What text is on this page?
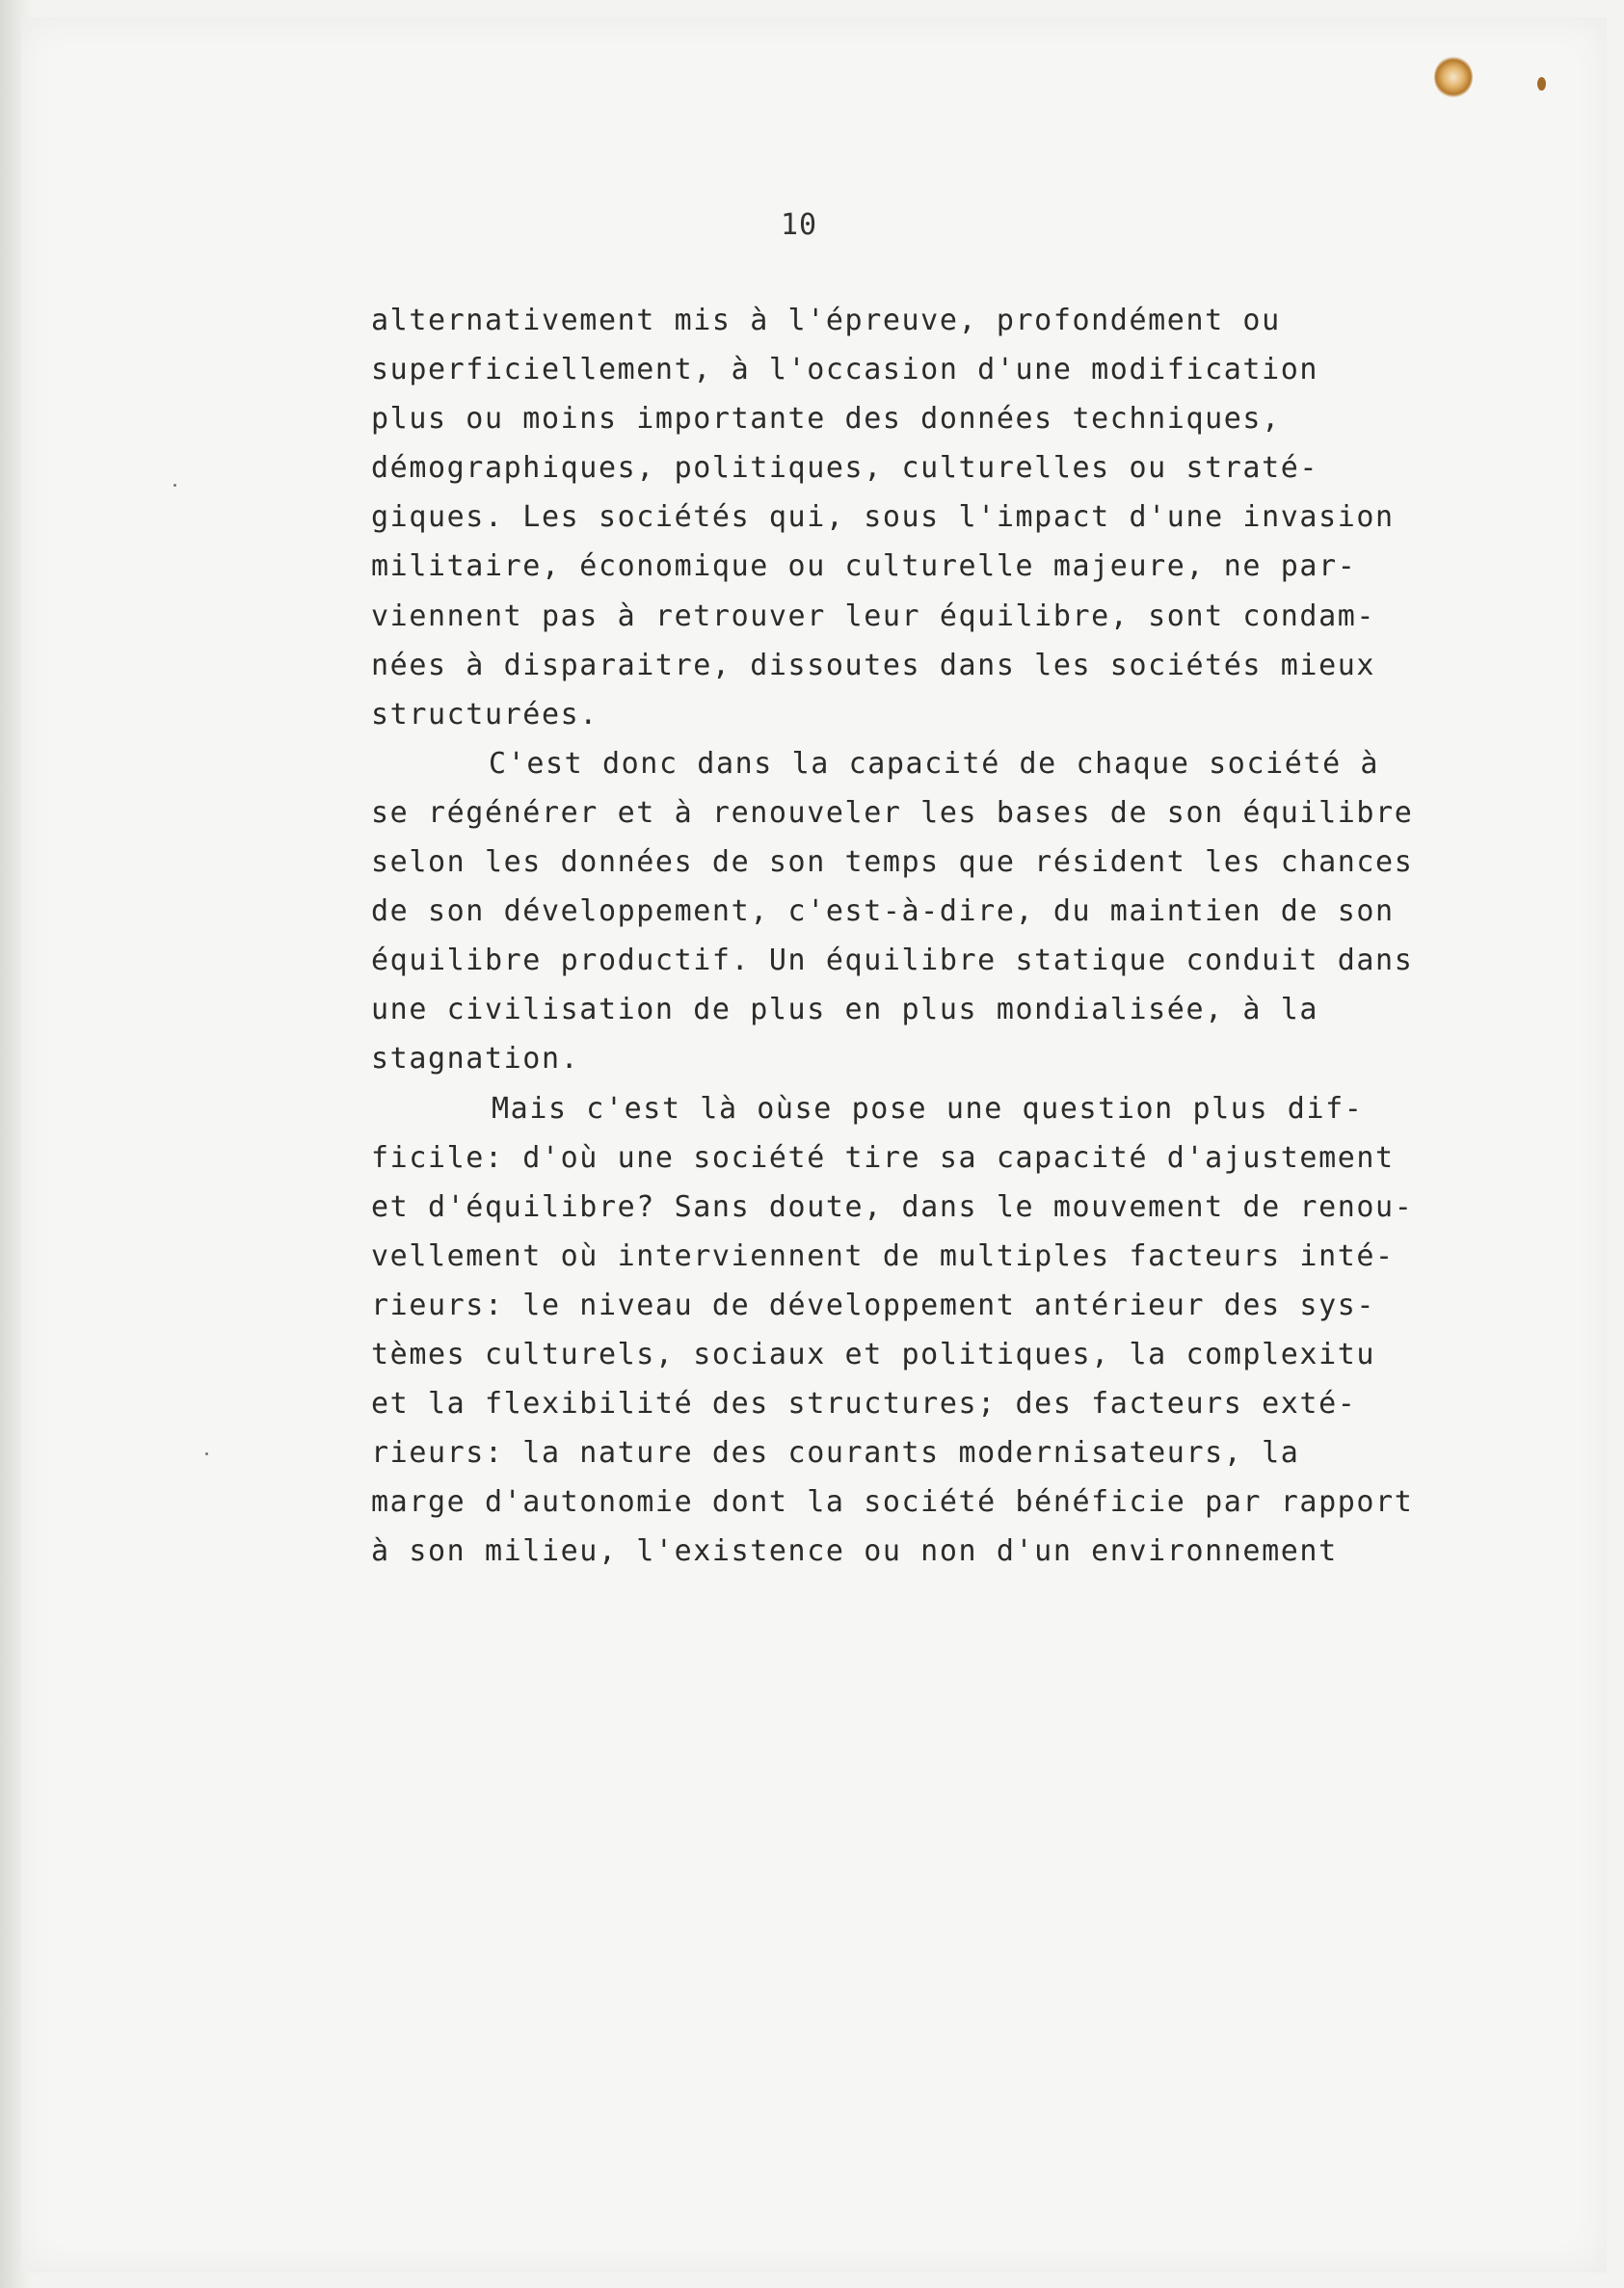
10
alternativement mis à l'épreuve, profondément ou
superficiellement, à l'occasion d'une modification
plus ou moins importante des données techniques,
démographiques, politiques, culturelles ou straté-
giques. Les sociétés qui, sous l'impact d'une invasion
militaire, économique ou culturelle majeure, ne par-
viennent pas à retrouver leur équilibre, sont condam-
nées à disparaitre, dissoutes dans les sociétés mieux
structurées.
C'est donc dans la capacité de chaque société à
se régénérer et à renouveler les bases de son équilibre
selon les données de son temps que résident les chances
de son développement, c'est-à-dire, du maintien de son
équilibre productif. Un équilibre statique conduit dans
une civilisation de plus en plus mondialisée, à la
stagnation.
Mais c'est là oùse pose une question plus dif-
ficile: d'où une société tire sa capacité d'ajustement
et d'équilibre? Sans doute, dans le mouvement de renou-
vellement où interviennent de multiples facteurs inté-
rieurs: le niveau de développement antérieur des sys-
tèmes culturels, sociaux et politiques, la complexitu
et la flexibilité des structures; des facteurs exté-
rieurs: la nature des courants modernisateurs, la
marge d'autonomie dont la société bénéficie par rapport
à son milieu, l'existence ou non d'un environnement
